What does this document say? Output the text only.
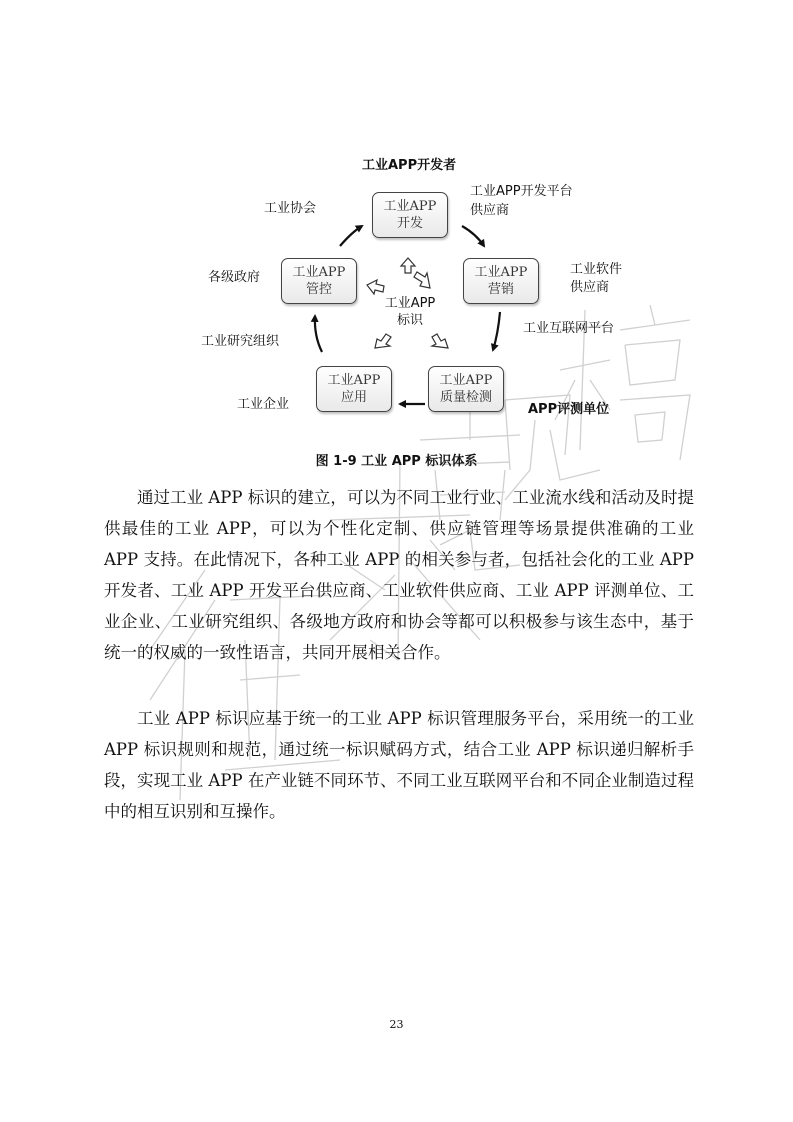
工业APP
开发
工业APP
营销
工业APP
质量检测
工业APP
应用
工业APP
管控
工业APP
标识
工业APP开发者
工业APP开发平台
供应商
工业软件
供应商
工业互联网平台
APP评测单位
工业企业
工业研究组织
各级政府
工业协会
图 1-9 工业 APP 标识体系
通过工业 APP 标识的建立，可以为不同工业行业、工业流水线和活动及时提供最佳的工业 APP，可以为个性化定制、供应链管理等场景提供准确的工业 APP 支持。在此情况下，各种工业 APP 的相关参与者，包括社会化的工业 APP 开发者、工业 APP 开发平台供应商、工业软件供应商、工业 APP 评测单位、工业企业、工业研究组织、各级地方政府和协会等都可以积极参与该生态中，基于统一的权威的一致性语言，共同开展相关合作。
工业 APP 标识应基于统一的工业 APP 标识管理服务平台，采用统一的工业 APP 标识规则和规范，通过统一标识赋码方式，结合工业 APP 标识递归解析手段，实现工业 APP 在产业链不同环节、不同工业互联网平台和不同企业制造过程中的相互识别和互操作。
23
